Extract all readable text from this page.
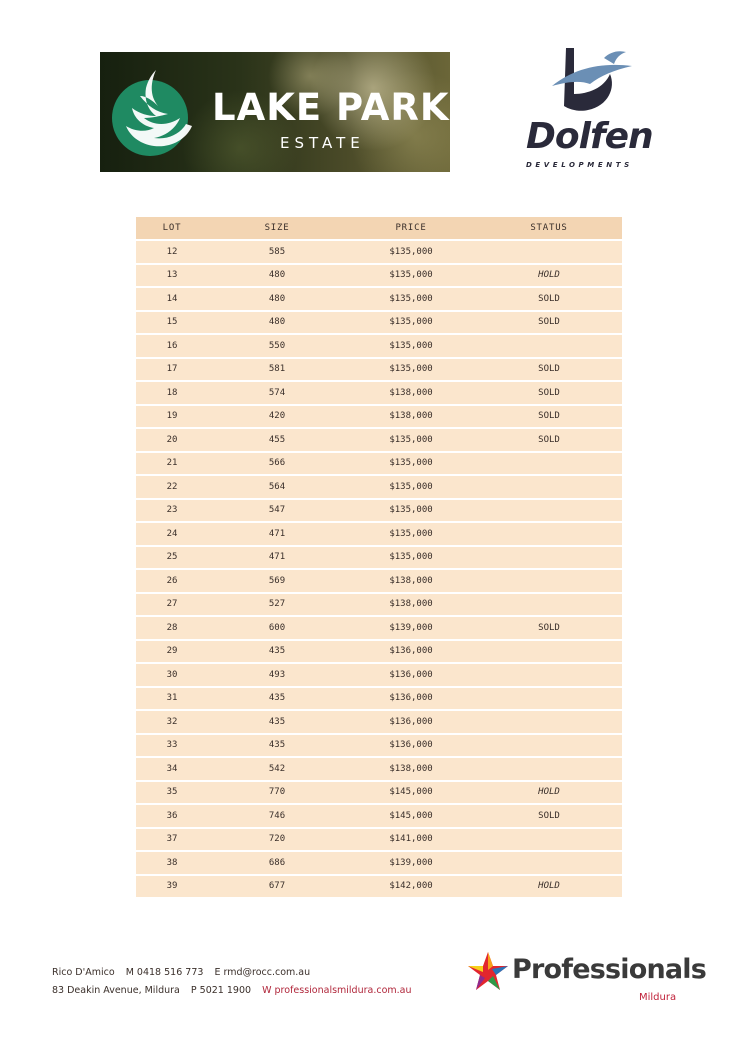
LAKE PARK
ESTATE	Dolfen
DEVELOPMENTS
LOT	SIZE	PRICE	STATUS
12	585	$135,000	
13	480	$135,000	HOLD
14	480	$135,000	SOLD
15	480	$135,000	SOLD
16	550	$135,000	
17	581	$135,000	SOLD
18	574	$138,000	SOLD
19	420	$138,000	SOLD
20	455	$135,000	SOLD
21	566	$135,000	
22	564	$135,000	
23	547	$135,000	
24	471	$135,000	
25	471	$135,000	
26	569	$138,000	
27	527	$138,000	
28	600	$139,000	SOLD
29	435	$136,000	
30	493	$136,000	
31	435	$136,000	
32	435	$136,000	
33	435	$136,000	
34	542	$138,000	
35	770	$145,000	HOLD
36	746	$145,000	SOLD
37	720	$141,000	
38	686	$139,000	
39	677	$142,000	HOLD
Rico D'Amico M 0418 516 773 E rmd@rocc.com.au
83 Deakin Avenue, Mildura P 5021 1900 W professionalsmildura.com.au
Professionals
Mildura
